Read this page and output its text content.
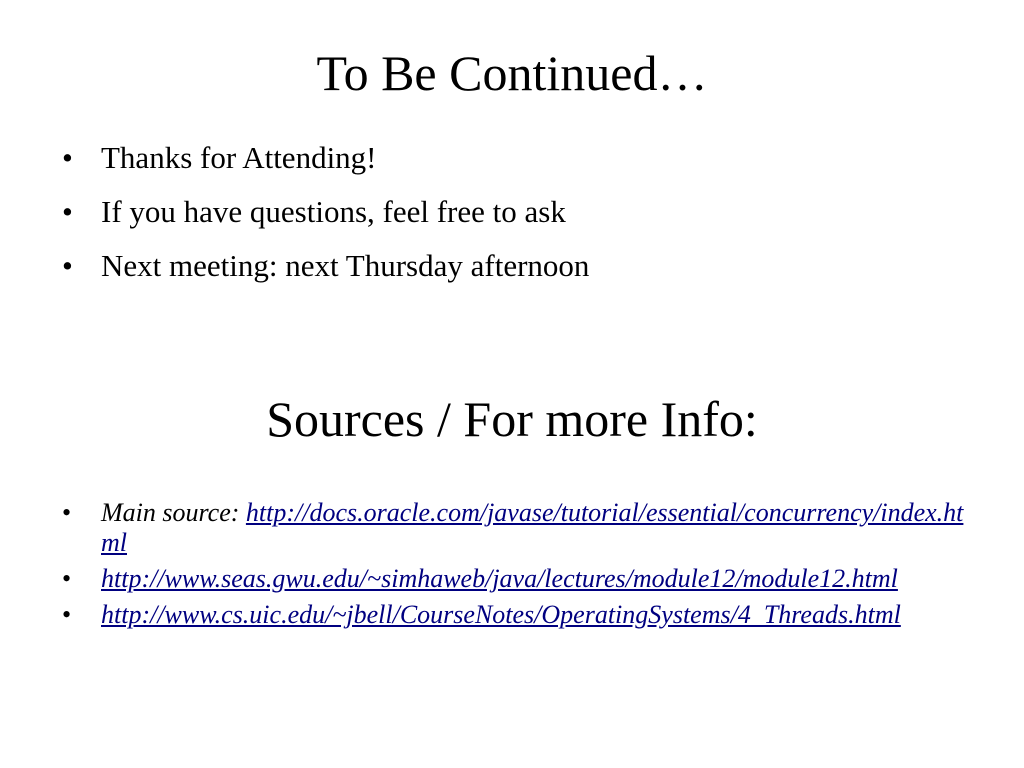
To Be Continued…
• Thanks for Attending!
• If you have questions, feel free to ask
• Next meeting: next Thursday afternoon
Sources / For more Info:
• Main source: http://docs.oracle.com/javase/tutorial/essential/concurrency/index.html
• http://www.seas.gwu.edu/~simhaweb/java/lectures/module12/module12.html
• http://www.cs.uic.edu/~jbell/CourseNotes/OperatingSystems/4_Threads.html
